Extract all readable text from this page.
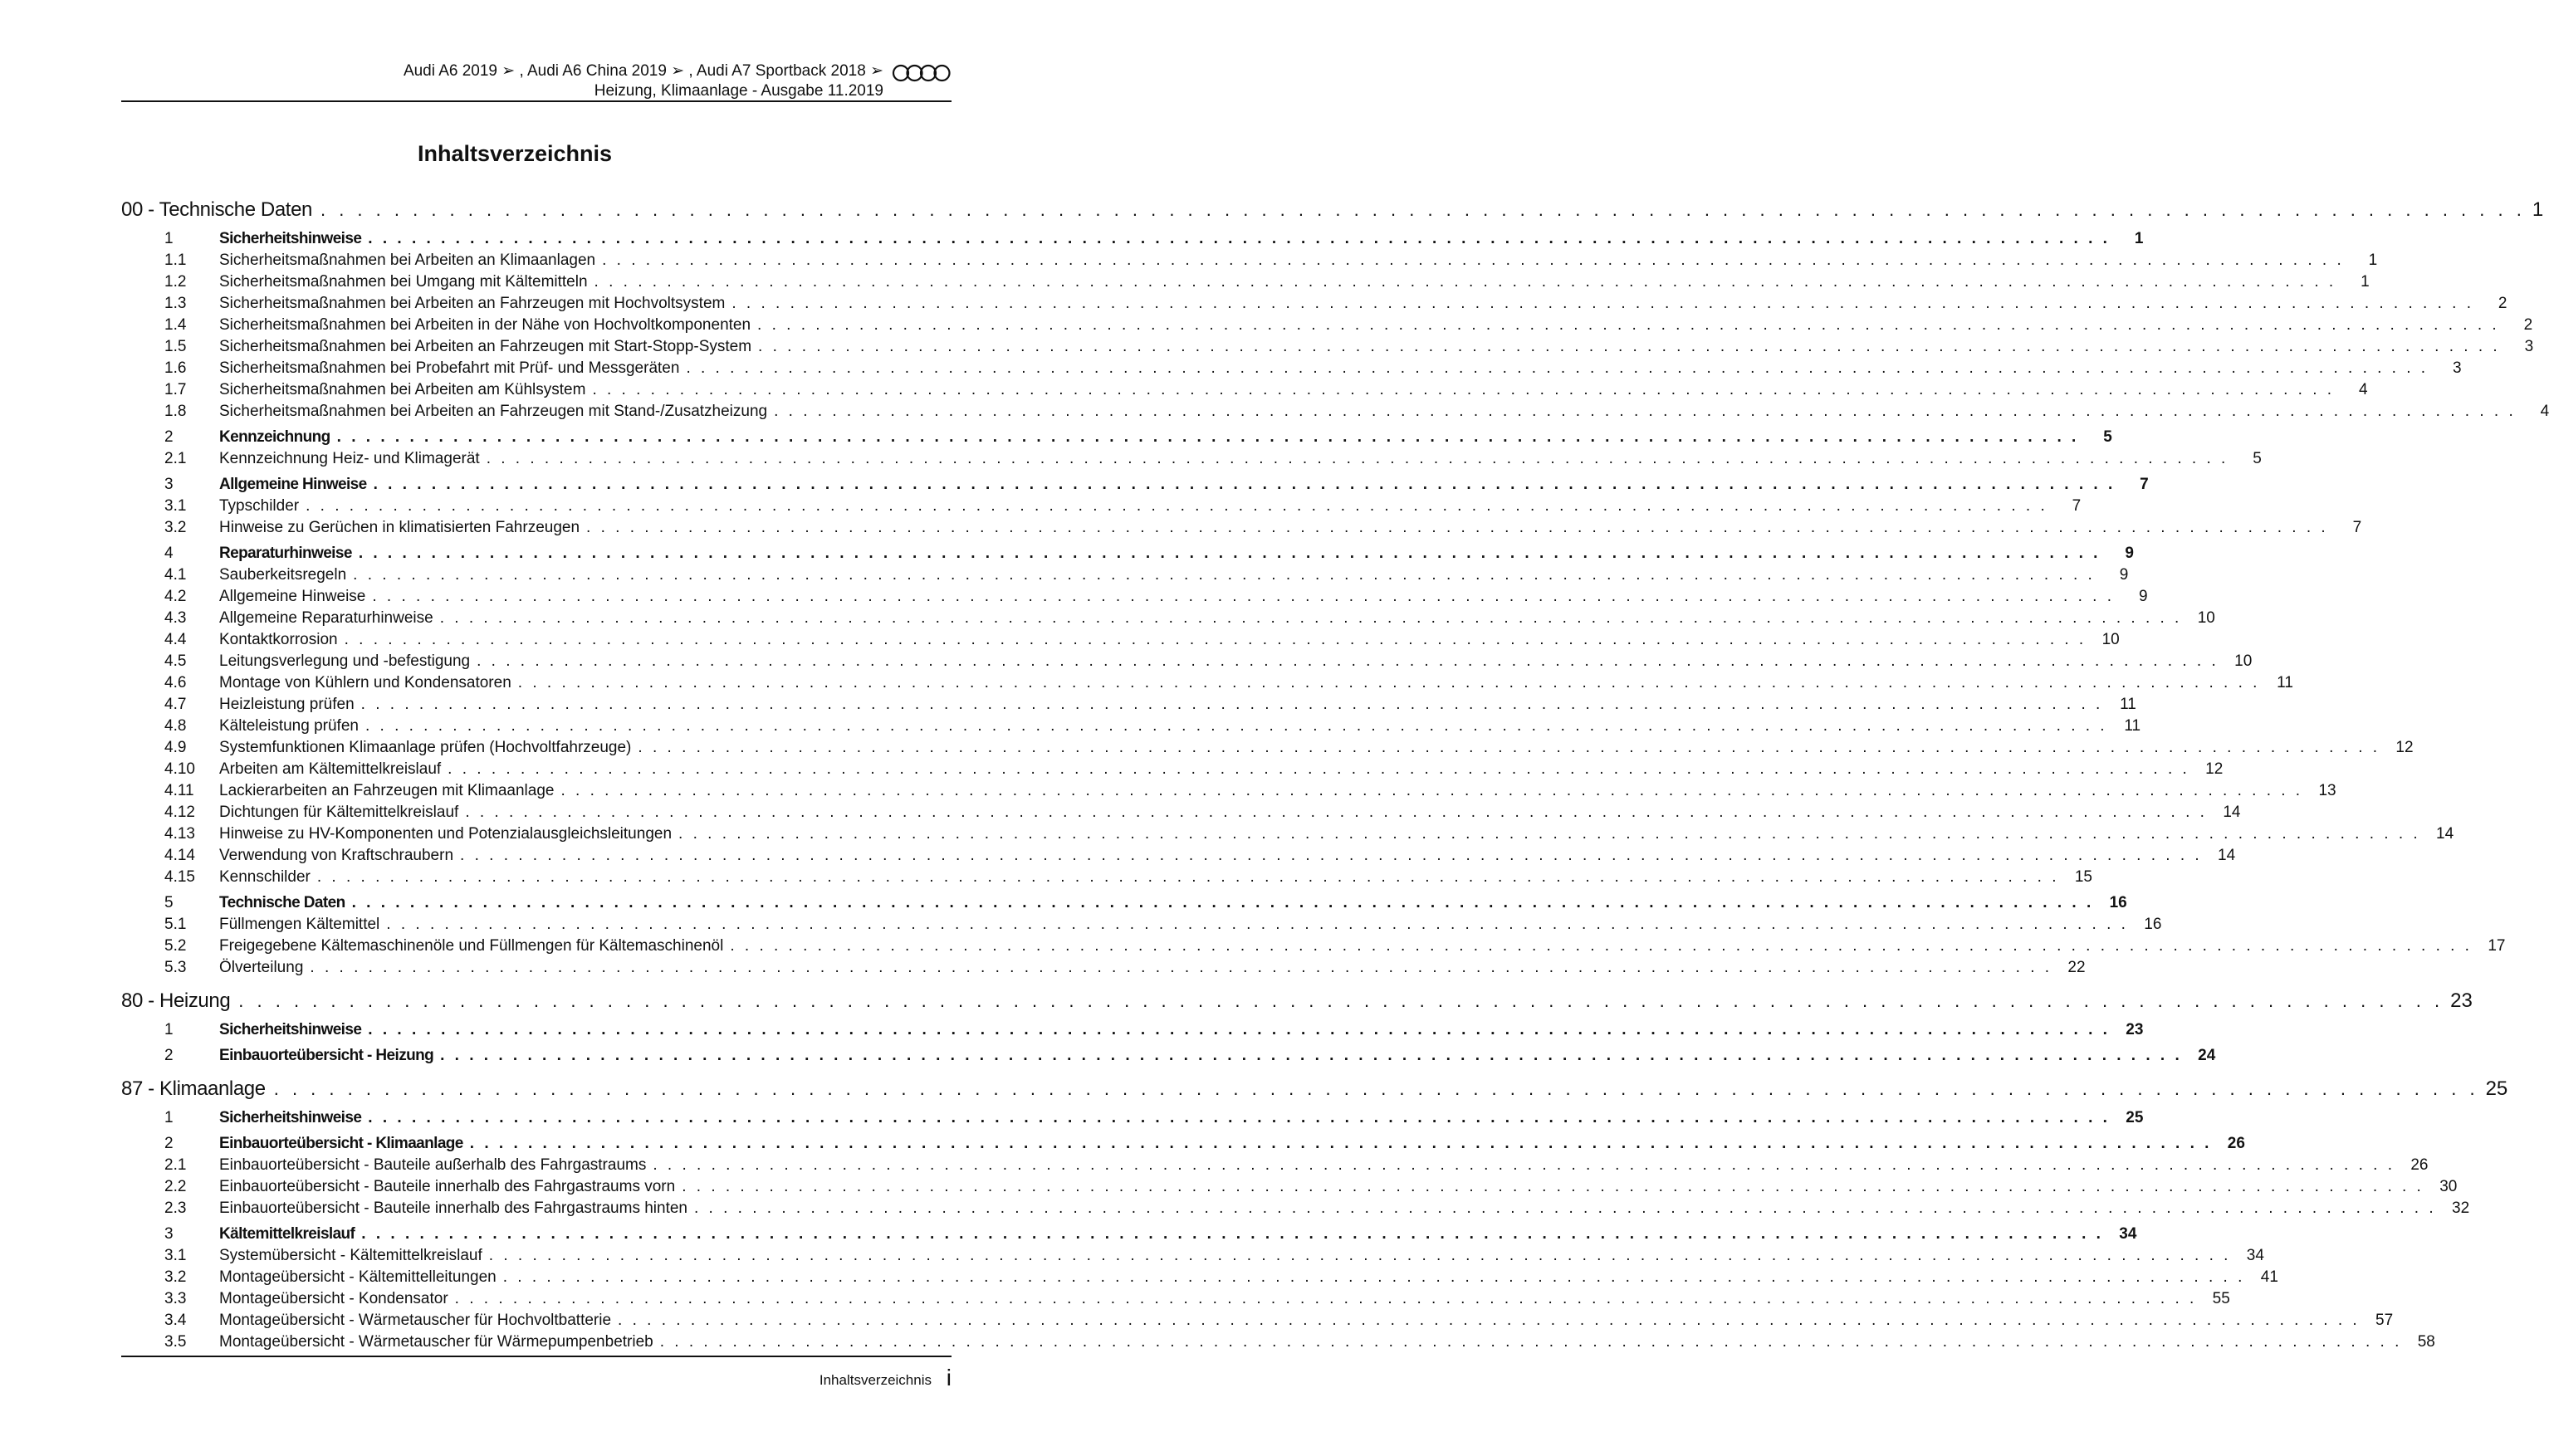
Audi A6 2019 ➢ , Audi A6 China 2019 ➢ , Audi A7 Sportback 2018 ➢
Heizung, Klimaanlage - Ausgabe 11.2019
Inhaltsverzeichnis
00 - Technische Daten . . . . . . . . . . . . . . . . . . . . . . . . . . . . . . . . . . . . . . . . . . . . . . . . . . . . . . . . . . . . . . . . . . . . . . . . . . . . . . . . . . . . . . . . . . . . . . . . . . . . . . . . . . . . . . . . . . . . . . . . 1
1	Sicherheitshinweise . . . . . . . . . . . . . . . . . . . . . . . . . . . . . . . . . . . . . . . . . . . . . . . . . . . . . . . . . . . . . . . . . . . . . . . . . . . . . . . . . . . . . . . . . . . . . . . . . . . . . . . . . . . . . . . . . . . . . . . .	1
1.1 Sicherheitsmaßnahmen bei Arbeiten an Klimaanlagen . . . . . . . . . . . . . . . . . . . . . . . . . . . . . . . . . . . . . . . . . . . . . . . . . . . . . . . . . . . . . . . . . . . . . . . . . . . . . . . . . . . . . . . . . . . . . . . . . . . . . . . . . . . . . . . . . . . . . . . .	1
1.2 Sicherheitsmaßnahmen bei Umgang mit Kältemitteln . . . . . . . . . . . . . . . . . . . . . . . . . . . . . . . . . . . . . . . . . . . . . . . . . . . . . . . . . . . . . . . . . . . . . . . . . . . . . . . . . . . . . . . . . . . . . . . . . . . . . . . . . . . . . . . . . . . . . . . .	1
1.3 Sicherheitsmaßnahmen bei Arbeiten an Fahrzeugen mit Hochvoltsystem . . . . . . . . . . . . . . . . . . . . . . . . . . . . . . . . . . . . . . . . . . . . . . . . . . . . . . . . . . . . . . . . . . . . . . . . . . . . . . . . . . . . . . . . . . . . . . . . . . . . . . . . . . . . . . . . . . . . . . . .	2
1.4 Sicherheitsmaßnahmen bei Arbeiten in der Nähe von Hochvoltkomponenten . . . . . . . . . . . . . . . . . . . . . . . . . . . . . . . . . . . . . . . . . . . . . . . . . . . . . . . . . . . . . . . . . . . . . . . . . . . . . . . . . . . . . . . . . . . . . . . . . . . . . . . . . . . . . . . . . . . . . . . .	2
1.5 Sicherheitsmaßnahmen bei Arbeiten an Fahrzeugen mit Start-Stopp-System . . . . . . . . . . . . . . . . . . . . . . . . . . . . . . . . . . . . . . . . . . . . . . . . . . . . . . . . . . . . . . . . . . . . . . . . . . . . . . . . . . . . . . . . . . . . . . . . . . . . . . . . . . . . . . . . . . . . . . . .	3
1.6 Sicherheitsmaßnahmen bei Probefahrt mit Prüf- und Messgeräten . . . . . . . . . . . . . . . . . . . . . . . . . . . . . . . . . . . . . . . . . . . . . . . . . . . . . . . . . . . . . . . . . . . . . . . . . . . . . . . . . . . . . . . . . . . . . . . . . . . . . . . . . . . . . . . . . . . . . . . .	3
1.7 Sicherheitsmaßnahmen bei Arbeiten am Kühlsystem . . . . . . . . . . . . . . . . . . . . . . . . . . . . . . . . . . . . . . . . . . . . . . . . . . . . . . . . . . . . . . . . . . . . . . . . . . . . . . . . . . . . . . . . . . . . . . . . . . . . . . . . . . . . . . . . . . . . . . . .	4
1.8 Sicherheitsmaßnahmen bei Arbeiten an Fahrzeugen mit Stand-/Zusatzheizung . . . . . . . . . . . . . . . . . . . . . . . . . . . . . . . . . . . . . . . . . . . . . . . . . . . . . . . . . . . . . . . . . . . . . . . . . . . . . . . . . . . . . . . . . . . . . . . . . . . . . . . . . . . . . . . . . . . . . . . .	4
2	Kennzeichnung . . . . . . . . . . . . . . . . . . . . . . . . . . . . . . . . . . . . . . . . . . . . . . . . . . . . . . . . . . . . . . . . . . . . . . . . . . . . . . . . . . . . . . . . . . . . . . . . . . . . . . . . . . . . . . . . . . . . . . . .	5
2.1 Kennzeichnung Heiz- und Klimagerät . . . . . . . . . . . . . . . . . . . . . . . . . . . . . . . . . . . . . . . . . . . . . . . . . . . . . . . . . . . . . . . . . . . . . . . . . . . . . . . . . . . . . . . . . . . . . . . . . . . . . . . . . . . . . . . . . . . . . . . .	5
3	Allgemeine Hinweise . . . . . . . . . . . . . . . . . . . . . . . . . . . . . . . . . . . . . . . . . . . . . . . . . . . . . . . . . . . . . . . . . . . . . . . . . . . . . . . . . . . . . . . . . . . . . . . . . . . . . . . . . . . . . . . . . . . . . . . .	7
3.1 Typschilder . . . . . . . . . . . . . . . . . . . . . . . . . . . . . . . . . . . . . . . . . . . . . . . . . . . . . . . . . . . . . . . . . . . . . . . . . . . . . . . . . . . . . . . . . . . . . . . . . . . . . . . . . . . . . . . . . . . . . . . .	7
3.2 Hinweise zu Gerüchen in klimatisierten Fahrzeugen . . . . . . . . . . . . . . . . . . . . . . . . . . . . . . . . . . . . . . . . . . . . . . . . . . . . . . . . . . . . . . . . . . . . . . . . . . . . . . . . . . . . . . . . . . . . . . . . . . . . . . . . . . . . . . . . . . . . . . . .	7
4	Reparaturhinweise . . . . . . . . . . . . . . . . . . . . . . . . . . . . . . . . . . . . . . . . . . . . . . . . . . . . . . . . . . . . . . . . . . . . . . . . . . . . . . . . . . . . . . . . . . . . . . . . . . . . . . . . . . . . . . . . . . . . . . . .	9
4.1 Sauberkeitsregeln . . . . . . . . . . . . . . . . . . . . . . . . . . . . . . . . . . . . . . . . . . . . . . . . . . . . . . . . . . . . . . . . . . . . . . . . . . . . . . . . . . . . . . . . . . . . . . . . . . . . . . . . . . . . . . . . . . . . . . . .	9
4.2 Allgemeine Hinweise . . . . . . . . . . . . . . . . . . . . . . . . . . . . . . . . . . . . . . . . . . . . . . . . . . . . . . . . . . . . . . . . . . . . . . . . . . . . . . . . . . . . . . . . . . . . . . . . . . . . . . . . . . . . . . . . . . . . . . . .	9
4.3 Allgemeine Reparaturhinweise . . . . . . . . . . . . . . . . . . . . . . . . . . . . . . . . . . . . . . . . . . . . . . . . . . . . . . . . . . . . . . . . . . . . . . . . . . . . . . . . . . . . . . . . . . . . . . . . . . . . . . . . . . . . . . . . . . . . . . . . 10
4.4 Kontaktkorrosion . . . . . . . . . . . . . . . . . . . . . . . . . . . . . . . . . . . . . . . . . . . . . . . . . . . . . . . . . . . . . . . . . . . . . . . . . . . . . . . . . . . . . . . . . . . . . . . . . . . . . . . . . . . . . . . . . . . . . . . . 10
4.5 Leitungsverlegung und -befestigung . . . . . . . . . . . . . . . . . . . . . . . . . . . . . . . . . . . . . . . . . . . . . . . . . . . . . . . . . . . . . . . . . . . . . . . . . . . . . . . . . . . . . . . . . . . . . . . . . . . . . . . . . . . . . . . . . . . . . . . . 10
4.6 Montage von Kühlern und Kondensatoren . . . . . . . . . . . . . . . . . . . . . . . . . . . . . . . . . . . . . . . . . . . . . . . . . . . . . . . . . . . . . . . . . . . . . . . . . . . . . . . . . . . . . . . . . . . . . . . . . . . . . . . . . . . . . . . . . . . . . . . .	11
4.7 Heizleistung prüfen . . . . . . . . . . . . . . . . . . . . . . . . . . . . . . . . . . . . . . . . . . . . . . . . . . . . . . . . . . . . . . . . . . . . . . . . . . . . . . . . . . . . . . . . . . . . . . . . . . . . . . . . . . . . . . . . . . . . . . . .	11
4.8 Kälteleistung prüfen . . . . . . . . . . . . . . . . . . . . . . . . . . . . . . . . . . . . . . . . . . . . . . . . . . . . . . . . . . . . . . . . . . . . . . . . . . . . . . . . . . . . . . . . . . . . . . . . . . . . . . . . . . . . . . . . . . . . . . . .	11
4.9 Systemfunktionen Klimaanlage prüfen (Hochvoltfahrzeuge) . . . . . . . . . . . . . . . . . . . . . . . . . . . . . . . . . . . . . . . . . . . . . . . . . . . . . . . . . . . . . . . . . . . . . . . . . . . . . . . . . . . . . . . . . . . . . . . . . . . . . . . . . . . . . . . . . . . . . . . . 12
4.10 Arbeiten am Kältemittelkreislauf . . . . . . . . . . . . . . . . . . . . . . . . . . . . . . . . . . . . . . . . . . . . . . . . . . . . . . . . . . . . . . . . . . . . . . . . . . . . . . . . . . . . . . . . . . . . . . . . . . . . . . . . . . . . . . . . . . . . . . . . 12
4.11 Lackierarbeiten an Fahrzeugen mit Klimaanlage . . . . . . . . . . . . . . . . . . . . . . . . . . . . . . . . . . . . . . . . . . . . . . . . . . . . . . . . . . . . . . . . . . . . . . . . . . . . . . . . . . . . . . . . . . . . . . . . . . . . . . . . . . . . . . . . . . . . . . . . 13
4.12 Dichtungen für Kältemittelkreislauf . . . . . . . . . . . . . . . . . . . . . . . . . . . . . . . . . . . . . . . . . . . . . . . . . . . . . . . . . . . . . . . . . . . . . . . . . . . . . . . . . . . . . . . . . . . . . . . . . . . . . . . . . . . . . . . . . . . . . . . . 14
4.13 Hinweise zu HV-Komponenten und Potenzialausgleichsleitungen . . . . . . . . . . . . . . . . . . . . . . . . . . . . . . . . . . . . . . . . . . . . . . . . . . . . . . . . . . . . . . . . . . . . . . . . . . . . . . . . . . . . . . . . . . . . . . . . . . . . . . . . . . . . . . . . . . . . . . . . 14
4.14 Verwendung von Kraftschraubern . . . . . . . . . . . . . . . . . . . . . . . . . . . . . . . . . . . . . . . . . . . . . . . . . . . . . . . . . . . . . . . . . . . . . . . . . . . . . . . . . . . . . . . . . . . . . . . . . . . . . . . . . . . . . . . . . . . . . . . . 14
4.15 Kennschilder . . . . . . . . . . . . . . . . . . . . . . . . . . . . . . . . . . . . . . . . . . . . . . . . . . . . . . . . . . . . . . . . . . . . . . . . . . . . . . . . . . . . . . . . . . . . . . . . . . . . . . . . . . . . . . . . . . . . . . . . 15
5	Technische Daten . . . . . . . . . . . . . . . . . . . . . . . . . . . . . . . . . . . . . . . . . . . . . . . . . . . . . . . . . . . . . . . . . . . . . . . . . . . . . . . . . . . . . . . . . . . . . . . . . . . . . . . . . . . . . . . . . . . . . . . . 16
5.1 Füllmengen Kältemittel . . . . . . . . . . . . . . . . . . . . . . . . . . . . . . . . . . . . . . . . . . . . . . . . . . . . . . . . . . . . . . . . . . . . . . . . . . . . . . . . . . . . . . . . . . . . . . . . . . . . . . . . . . . . . . . . . . . . . . . . 16
5.2 Freigegebene Kältemaschinenöle und Füllmengen für Kältemaschinenöl . . . . . . . . . . . . . . . . . . . . . . . . . . . . . . . . . . . . . . . . . . . . . . . . . . . . . . . . . . . . . . . . . . . . . . . . . . . . . . . . . . . . . . . . . . . . . . . . . . . . . . . . . . . . . . . . . . . . . . . . 17
5.3 Ölverteilung . . . . . . . . . . . . . . . . . . . . . . . . . . . . . . . . . . . . . . . . . . . . . . . . . . . . . . . . . . . . . . . . . . . . . . . . . . . . . . . . . . . . . . . . . . . . . . . . . . . . . . . . . . . . . . . . . . . . . . . . 22
80 - Heizung . . . . . . . . . . . . . . . . . . . . . . . . . . . . . . . . . . . . . . . . . . . . . . . . . . . . . . . . . . . . . . . . . . . . . . . . . . . . . . . . . . . . . . . . . . . . . . . . . . . . . . . . . . . . . . . . . . . . . . . . 23
1	Sicherheitshinweise . . . . . . . . . . . . . . . . . . . . . . . . . . . . . . . . . . . . . . . . . . . . . . . . . . . . . . . . . . . . . . . . . . . . . . . . . . . . . . . . . . . . . . . . . . . . . . . . . . . . . . . . . . . . . . . . . . . . . . . . 23
2	Einbauorteübersicht - Heizung . . . . . . . . . . . . . . . . . . . . . . . . . . . . . . . . . . . . . . . . . . . . . . . . . . . . . . . . . . . . . . . . . . . . . . . . . . . . . . . . . . . . . . . . . . . . . . . . . . . . . . . . . . . . . . . . . . . . . . . . 24
87 - Klimaanlage . . . . . . . . . . . . . . . . . . . . . . . . . . . . . . . . . . . . . . . . . . . . . . . . . . . . . . . . . . . . . . . . . . . . . . . . . . . . . . . . . . . . . . . . . . . . . . . . . . . . . . . . . . . . . . . . . . . . . . . . 25
1	Sicherheitshinweise . . . . . . . . . . . . . . . . . . . . . . . . . . . . . . . . . . . . . . . . . . . . . . . . . . . . . . . . . . . . . . . . . . . . . . . . . . . . . . . . . . . . . . . . . . . . . . . . . . . . . . . . . . . . . . . . . . . . . . . . 25
2	Einbauorteübersicht - Klimaanlage . . . . . . . . . . . . . . . . . . . . . . . . . . . . . . . . . . . . . . . . . . . . . . . . . . . . . . . . . . . . . . . . . . . . . . . . . . . . . . . . . . . . . . . . . . . . . . . . . . . . . . . . . . . . . . . . . . . . . . . . 26
2.1 Einbauorteübersicht - Bauteile außerhalb des Fahrgastraums . . . . . . . . . . . . . . . . . . . . . . . . . . . . . . . . . . . . . . . . . . . . . . . . . . . . . . . . . . . . . . . . . . . . . . . . . . . . . . . . . . . . . . . . . . . . . . . . . . . . . . . . . . . . . . . . . . . . . . . . 26
2.2 Einbauorteübersicht - Bauteile innerhalb des Fahrgastraums vorn . . . . . . . . . . . . . . . . . . . . . . . . . . . . . . . . . . . . . . . . . . . . . . . . . . . . . . . . . . . . . . . . . . . . . . . . . . . . . . . . . . . . . . . . . . . . . . . . . . . . . . . . . . . . . . . . . . . . . . . . 30
2.3 Einbauorteübersicht - Bauteile innerhalb des Fahrgastraums hinten . . . . . . . . . . . . . . . . . . . . . . . . . . . . . . . . . . . . . . . . . . . . . . . . . . . . . . . . . . . . . . . . . . . . . . . . . . . . . . . . . . . . . . . . . . . . . . . . . . . . . . . . . . . . . . . . . . . . . . . . 32
3	Kältemittelkreislauf . . . . . . . . . . . . . . . . . . . . . . . . . . . . . . . . . . . . . . . . . . . . . . . . . . . . . . . . . . . . . . . . . . . . . . . . . . . . . . . . . . . . . . . . . . . . . . . . . . . . . . . . . . . . . . . . . . . . . . . . 34
3.1 Systemübersicht - Kältemittelkreislauf . . . . . . . . . . . . . . . . . . . . . . . . . . . . . . . . . . . . . . . . . . . . . . . . . . . . . . . . . . . . . . . . . . . . . . . . . . . . . . . . . . . . . . . . . . . . . . . . . . . . . . . . . . . . . . . . . . . . . . . . 34
3.2 Montageübersicht - Kältemittelleitungen . . . . . . . . . . . . . . . . . . . . . . . . . . . . . . . . . . . . . . . . . . . . . . . . . . . . . . . . . . . . . . . . . . . . . . . . . . . . . . . . . . . . . . . . . . . . . . . . . . . . . . . . . . . . . . . . . . . . . . . . 41
3.3 Montageübersicht - Kondensator . . . . . . . . . . . . . . . . . . . . . . . . . . . . . . . . . . . . . . . . . . . . . . . . . . . . . . . . . . . . . . . . . . . . . . . . . . . . . . . . . . . . . . . . . . . . . . . . . . . . . . . . . . . . . . . . . . . . . . . . 55
3.4 Montageübersicht - Wärmetauscher für Hochvoltbatterie . . . . . . . . . . . . . . . . . . . . . . . . . . . . . . . . . . . . . . . . . . . . . . . . . . . . . . . . . . . . . . . . . . . . . . . . . . . . . . . . . . . . . . . . . . . . . . . . . . . . . . . . . . . . . . . . . . . . . . . . 57
3.5 Montageübersicht - Wärmetauscher für Wärmepumpenbetrieb . . . . . . . . . . . . . . . . . . . . . . . . . . . . . . . . . . . . . . . . . . . . . . . . . . . . . . . . . . . . . . . . . . . . . . . . . . . . . . . . . . . . . . . . . . . . . . . . . . . . . . . . . . . . . . . . . . . . . . . . 58
Inhaltsverzeichnis i
